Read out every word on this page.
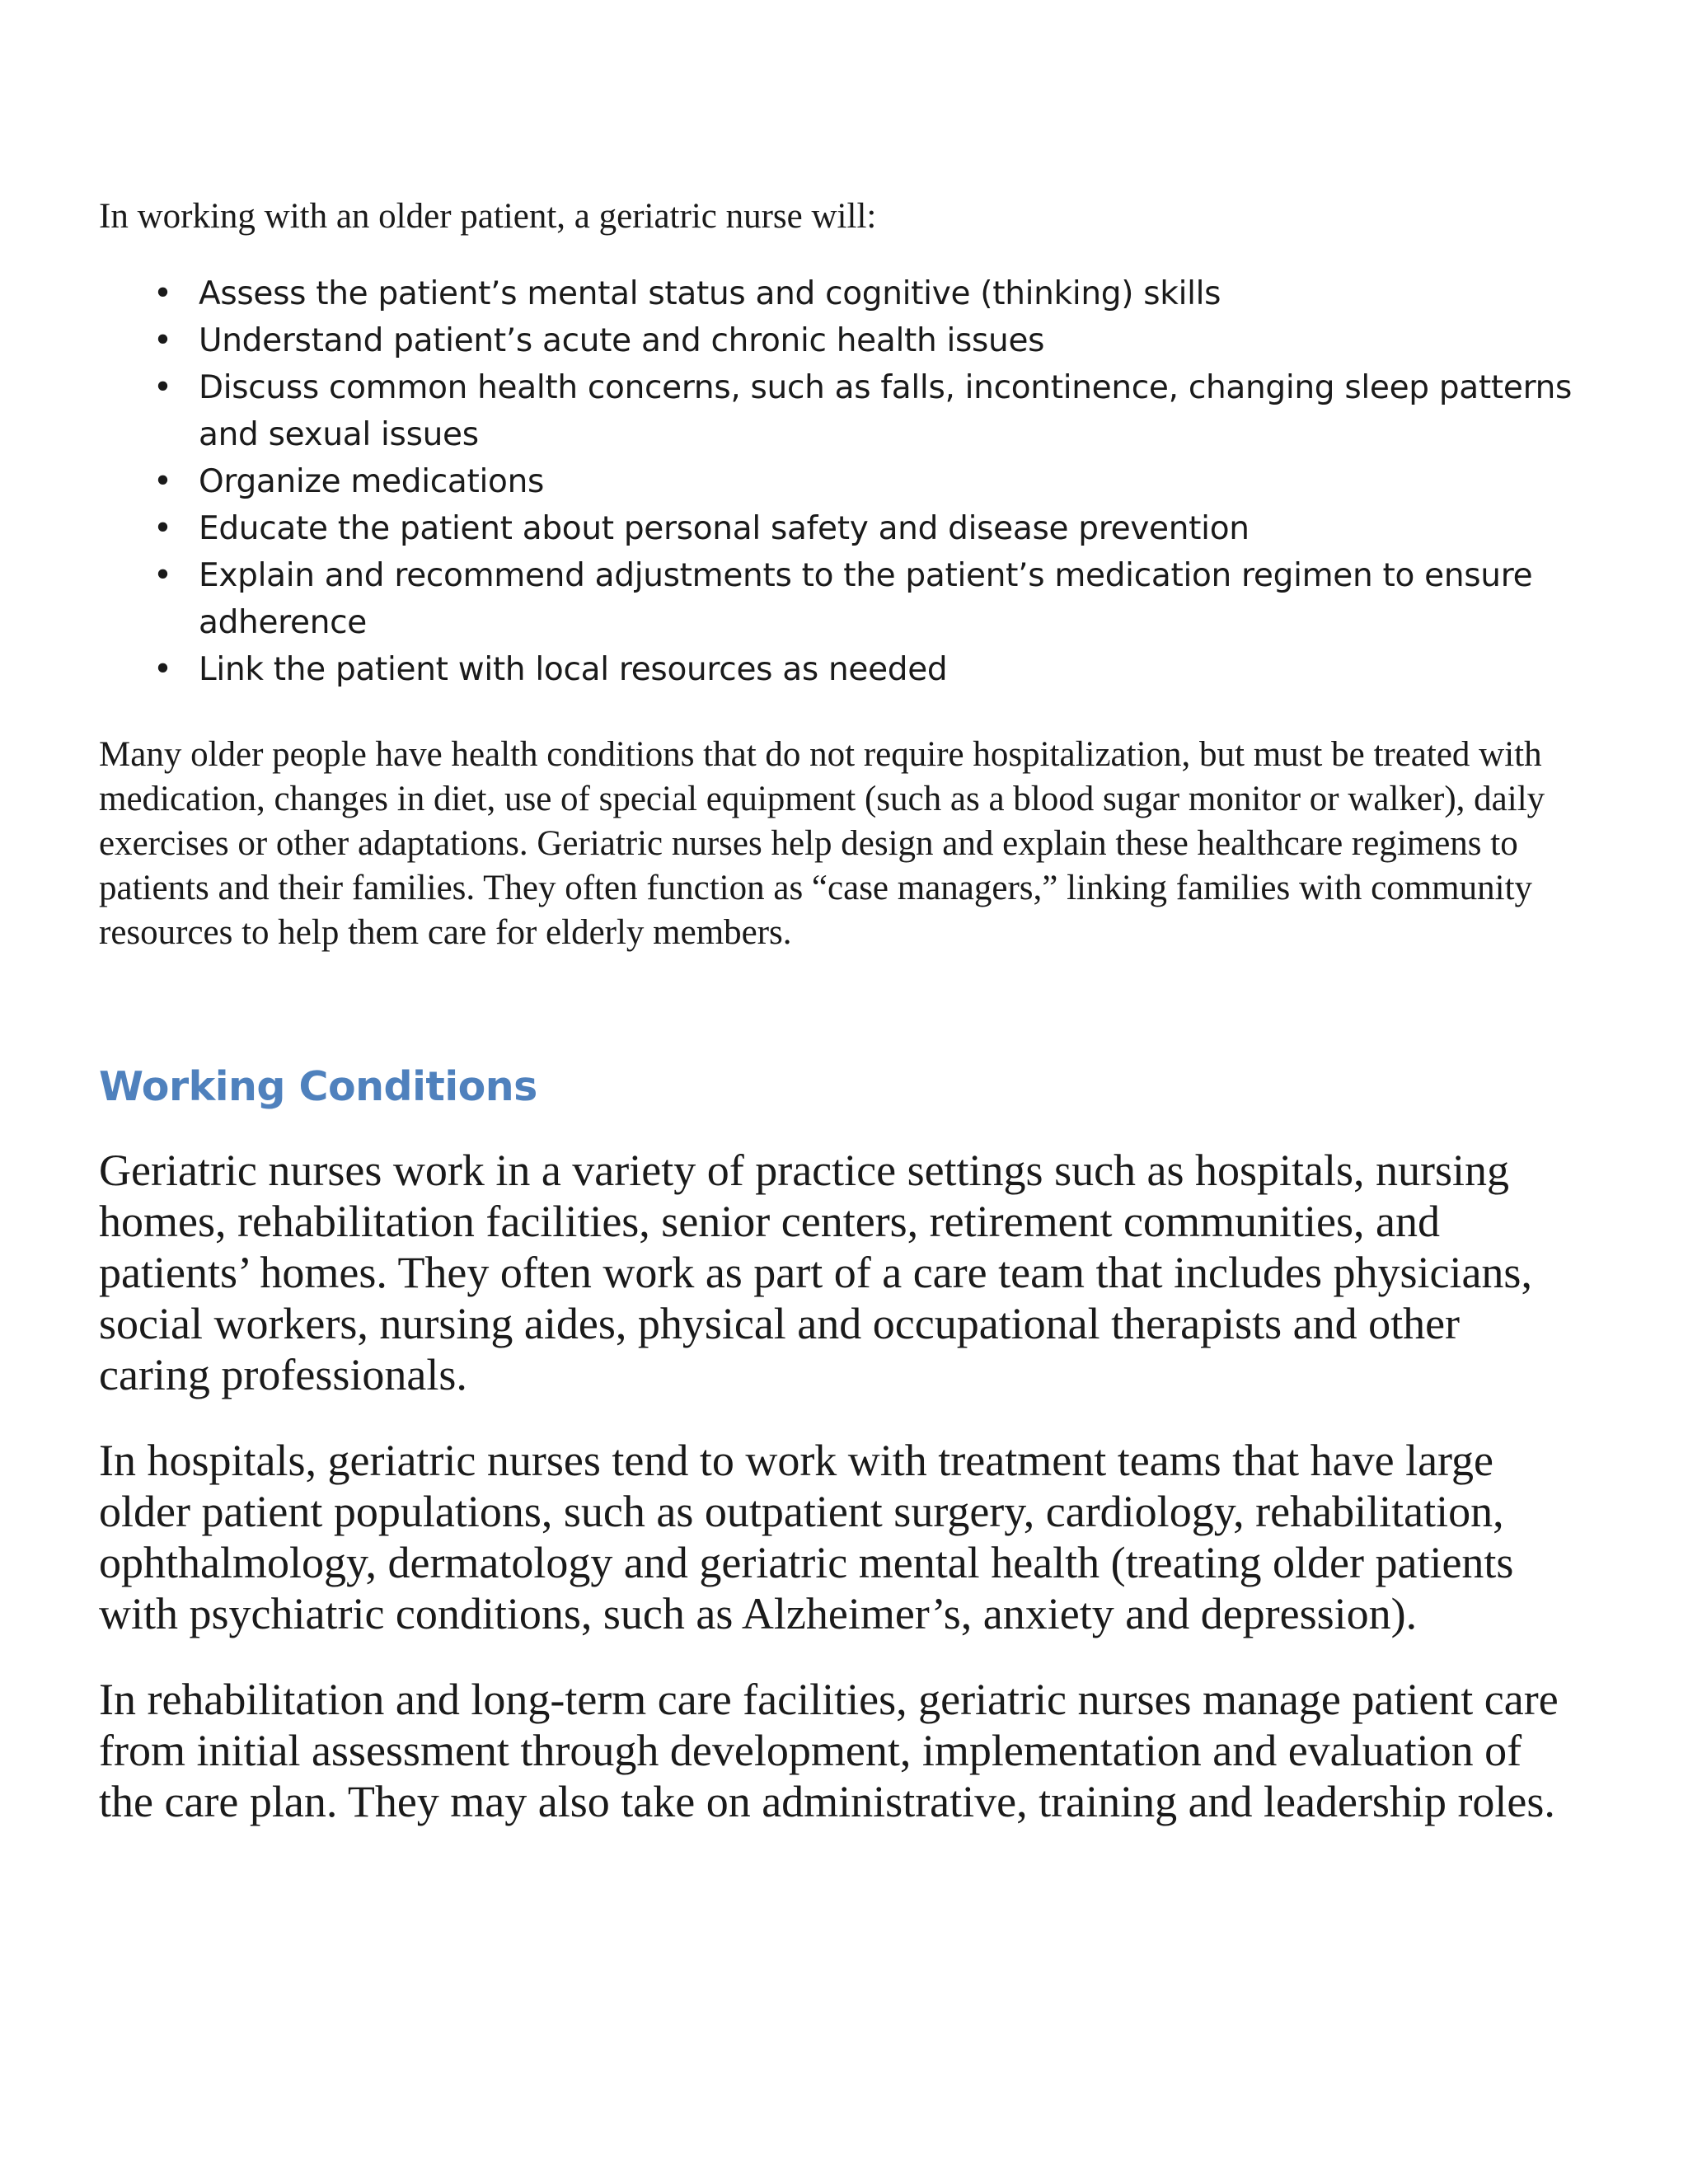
In working with an older patient, a geriatric nurse will:

• Assess the patient’s mental status and cognitive (thinking) skills
• Understand patient’s acute and chronic health issues
• Discuss common health concerns, such as falls, incontinence, changing sleep patterns and sexual issues
• Organize medications
• Educate the patient about personal safety and disease prevention
• Explain and recommend adjustments to the patient’s medication regimen to ensure adherence
• Link the patient with local resources as needed

Many older people have health conditions that do not require hospitalization, but must be treated with medication, changes in diet, use of special equipment (such as a blood sugar monitor or walker), daily exercises or other adaptations. Geriatric nurses help design and explain these healthcare regimens to patients and their families. They often function as “case managers,” linking families with community resources to help them care for elderly members.

Working Conditions

Geriatric nurses work in a variety of practice settings such as hospitals, nursing homes, rehabilitation facilities, senior centers, retirement communities, and patients’ homes. They often work as part of a care team that includes physicians, social workers, nursing aides, physical and occupational therapists and other caring professionals.

In hospitals, geriatric nurses tend to work with treatment teams that have large older patient populations, such as outpatient surgery, cardiology, rehabilitation, ophthalmology, dermatology and geriatric mental health (treating older patients with psychiatric conditions, such as Alzheimer’s, anxiety and depression).

In rehabilitation and long-term care facilities, geriatric nurses manage patient care from initial assessment through development, implementation and evaluation of the care plan. They may also take on administrative, training and leadership roles.
